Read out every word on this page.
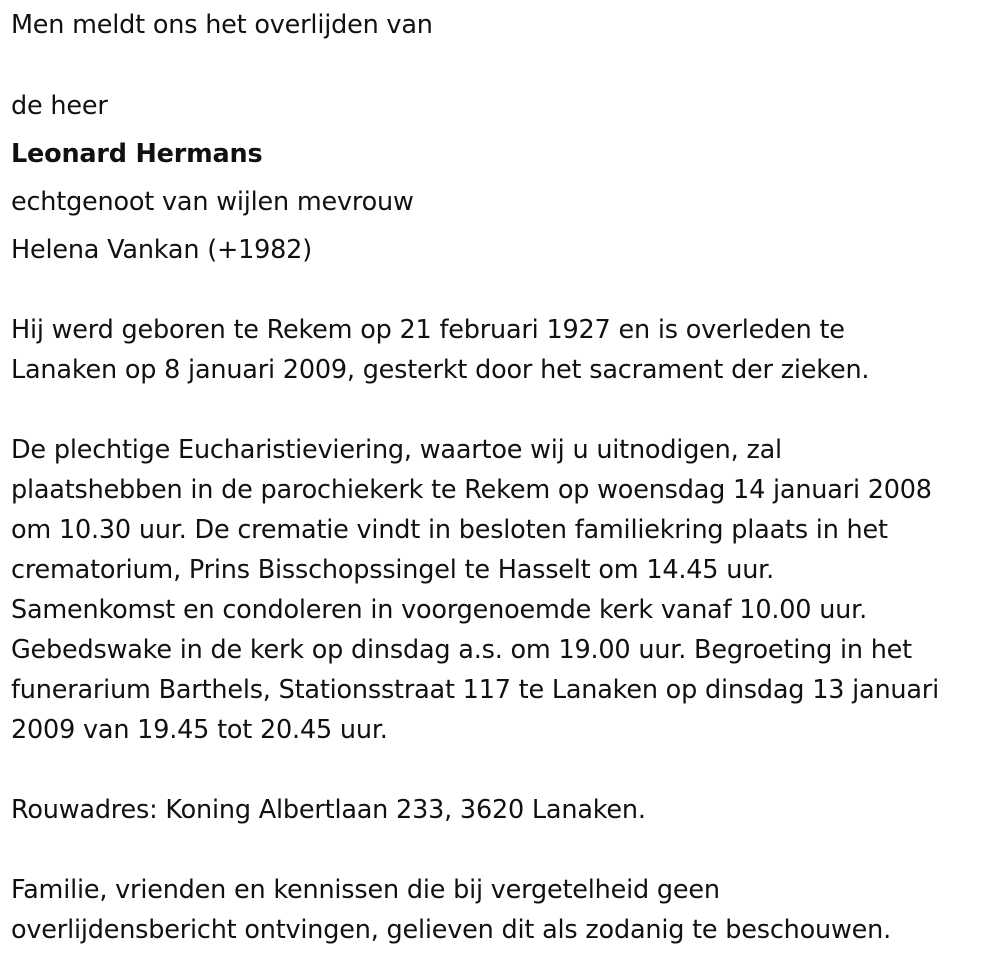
Men meldt ons het overlijden van
de heer
Leonard Hermans
echtgenoot van wijlen mevrouw
Helena Vankan (+1982)
Hij werd geboren te Rekem op 21 februari 1927 en is overleden te
Lanaken op 8 januari 2009, gesterkt door het sacrament der zieken.
De plechtige Eucharistieviering, waartoe wij u uitnodigen, zal
plaatshebben in de parochiekerk te Rekem op woensdag 14 januari 2008
om 10.30 uur. De crematie vindt in besloten familiekring plaats in het
crematorium, Prins Bisschopssingel te Hasselt om 14.45 uur.
Samenkomst en condoleren in voorgenoemde kerk vanaf 10.00 uur.
Gebedswake in de kerk op dinsdag a.s. om 19.00 uur. Begroeting in het
funerarium Barthels, Stationsstraat 117 te Lanaken op dinsdag 13 januari
2009 van 19.45 tot 20.45 uur.
Rouwadres: Koning Albertlaan 233, 3620 Lanaken.
Familie, vrienden en kennissen die bij vergetelheid geen
overlijdensbericht ontvingen, gelieven dit als zodanig te beschouwen.
